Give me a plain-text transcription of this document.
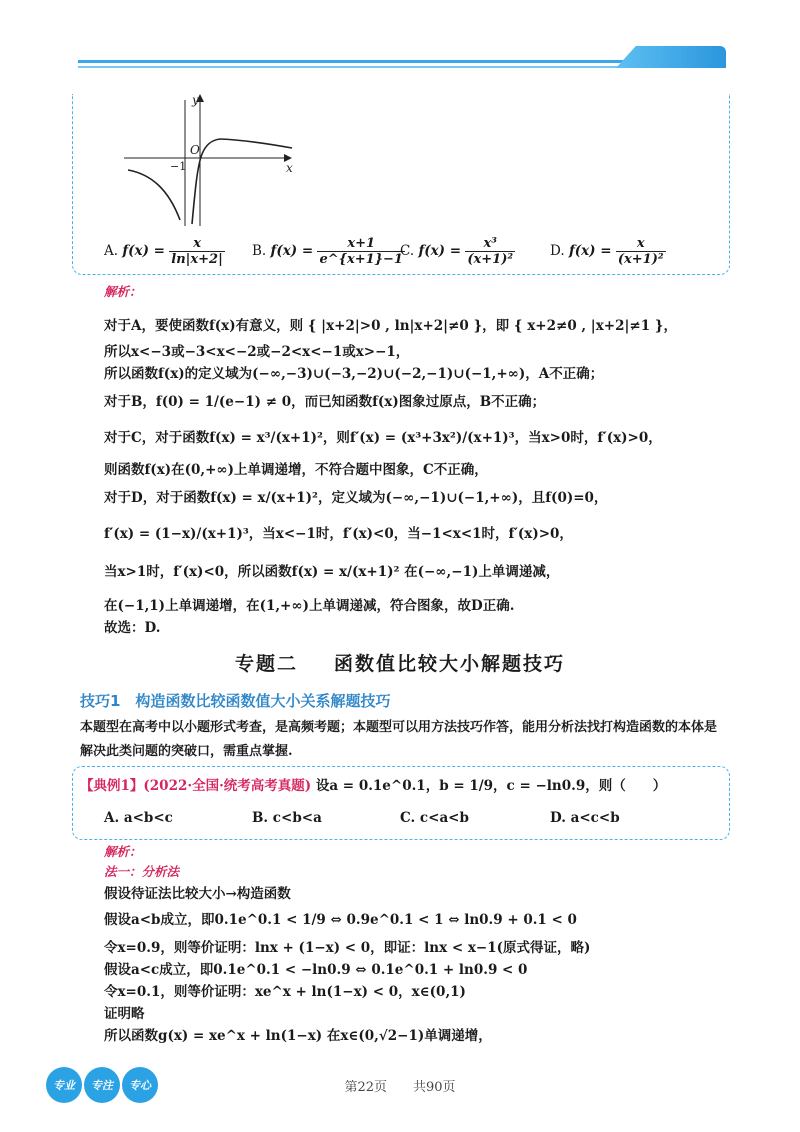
y
x
O
−1
A. $f(x) = \frac{x}{\ln|x+2|} B$. $f(x) = \frac{x+1}{e\^{}\{x+1\}-1}$
C. $f(x) = \frac{\text{x³}}{\text{(x+1)²}}$	D. $f(x) = \frac{x}{\text{(x+1)²}}$
解析：
对于A，要使函数f(x)有意义，则 { |x+2|>0 , ln|x+2|≠0 }，即 { x+2≠0 , |x+2|≠1 }，
所以x<−3或−3<x<−2或−2<x<−1或x>−1，
所以函数f(x)的定义域为(−∞,−3)∪(−3,−2)∪(−2,−1)∪(−1,+∞)，A不正确；
对于B，f(0) = 1/(e−1) ≠ 0，而已知函数f(x)图象过原点，B不正确；
对于C，对于函数f(x) = x³/(x+1)²，则f′(x) = (x³+3x²)/(x+1)³，当x>0时，f′(x)>0，
则函数f(x)在(0,+∞)上单调递增，不符合题中图象，C不正确，
对于D，对于函数f(x) = x/(x+1)²，定义域为(−∞,−1)∪(−1,+∞)，且f(0)=0，
f′(x) = (1−x)/(x+1)³，当x<−1时，f′(x)<0，当−1<x<1时，f′(x)>0，
当x>1时，f′(x)<0，所以函数f(x) = x/(x+1)² 在(−∞,−1)上单调递减，
在(−1,1)上单调递增，在(1,+∞)上单调递减，符合图象，故D正确.
故选：D.
专题二 函数值比较大小解题技巧
技巧1　构造函数比较函数值大小关系解题技巧
本题型在高考中以小题形式考查，是高频考题；本题型可以用方法技巧作答，能用分析法找打构造函数的本体是解决此类问题的突破口，需重点掌握.
【典例1】(2022·全国·统考高考真题) 设a = 0.1e^0.1，b = 1/9，c = −ln0.9，则（　　）
A. a<b<c	B. c<b<a	C. c<a<b	D. a<c<b
解析：
法一：分析法
假设待证法比较大小→构造函数
假设a<b成立，即0.1e^0.1 < 1/9 ⇔ 0.9e^0.1 < 1 ⇔ ln0.9 + 0.1 < 0
令x=0.9，则等价证明：lnx + (1−x) < 0，即证：lnx < x−1(原式得证，略)
假设a<c成立，即0.1e^0.1 < −ln0.9 ⇔ 0.1e^0.1 + ln0.9 < 0
令x=0.1，则等价证明：xe^x + ln(1−x) < 0，x∈(0,1)
证明略
所以函数g(x) = xe^x + ln(1−x) 在x∈(0,√2−1)单调递增，
专业	专注	专心	第22页　　共90页
